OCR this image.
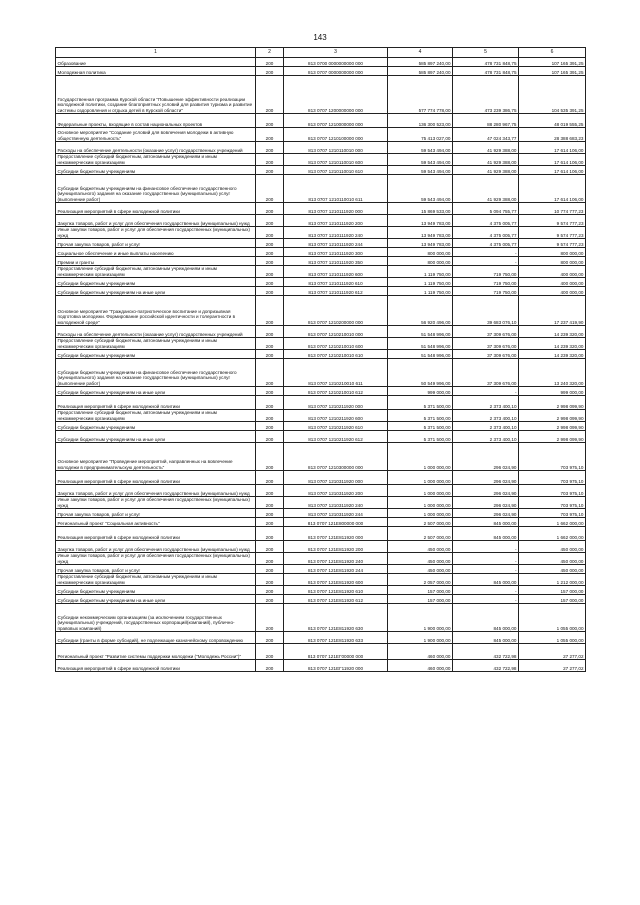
143
1	2	3	4	5	6
Образование	200	813 0700 0000000000 000	585 897 240,00	478 731 848,75	107 165 391,25
Молодежная политика	200	813 0707 0000000000 000	585 897 240,00	478 731 848,75	107 165 391,25
Государственная программа Курской области "Повышение эффективности реализации молодежной политики, создание благоприятных условий для развития туризма и развитие системы оздоровления и отдыха детей в Курской области"	200	813 0707 1200000000 000	577 774 778,00	473 239 386,75	104 535 391,25
Федеральные проекты, входящие в состав национальных проектов	200	813 0707 1210000000 000	136 300 523,00	88 280 967,75	48 019 555,25
Основное мероприятие "Создание условий для вовлечения молодежи в активную общественную деятельность"	200	813 0707 1210100000 000	75 413 027,00	47 024 343,77	28 388 683,23
Расходы на обеспечение деятельности (оказание услуг) государственных учреждений	200	813 0707 1210110010 000	59 543 494,00	41 929 388,00	17 614 106,00
Предоставление субсидий бюджетным, автономным учреждениям и иным некоммерческим организациям	200	813 0707 1210110010 600	59 543 494,00	41 929 388,00	17 614 106,00
Субсидии бюджетным учреждениям	200	813 0707 1210110010 610	59 543 494,00	41 929 388,00	17 614 106,00
Субсидии бюджетным учреждениям на финансовое обеспечение государственного (муниципального) задания на оказание государственных (муниципальных) услуг (выполнение работ)	200	813 0707 1210110010 611	59 543 494,00	41 929 388,00	17 614 106,00
Реализация мероприятий в сфере молодежной политики	200	813 0707 1210111920 000	15 869 533,00	5 094 755,77	10 774 777,23
Закупка товаров, работ и услуг для обеспечения государственных (муниципальных) нужд	200	813 0707 1210111920 200	13 949 783,00	4 375 005,77	9 574 777,23
Иные закупки товаров, работ и услуг для обеспечения государственных (муниципальных) нужд	200	813 0707 1210111920 240	13 949 783,00	4 375 005,77	9 574 777,23
Прочая закупка товаров, работ и услуг	200	813 0707 1210111920 244	13 949 783,00	4 375 005,77	9 574 777,23
Социальное обеспечение и иные выплаты населению	200	813 0707 1210111920 300	800 000,00	-	800 000,00
Премии и гранты	200	813 0707 1210111920 350	800 000,00	-	800 000,00
Предоставление субсидий бюджетным, автономным учреждениям и иным некоммерческим организациям	200	813 0707 1210111920 600	1 119 750,00	719 750,00	400 000,00
Субсидии бюджетным учреждениям	200	813 0707 1210111920 610	1 119 750,00	719 750,00	400 000,00
Субсидии бюджетным учреждениям на иные цели	200	813 0707 1210111920 612	1 119 750,00	719 750,00	400 000,00
Основное мероприятие "Гражданско-патриотическое воспитание и допризывная подготовка молодежи. Формирование российской идентичности и толерантности в молодежной среде"	200	813 0707 1210200000 000	56 920 496,00	39 683 076,10	17 237 419,90
Расходы на обеспечение деятельности (оказание услуг) государственных учреждений	200	813 0707 1210210010 000	51 548 996,00	37 309 676,00	14 239 320,00
Предоставление субсидий бюджетным, автономным учреждениям и иным некоммерческим организациям	200	813 0707 1210210010 600	51 548 996,00	37 309 676,00	14 239 320,00
Субсидии бюджетным учреждениям	200	813 0707 1210210010 610	51 548 996,00	37 309 676,00	14 239 320,00
Субсидии бюджетным учреждениям на финансовое обеспечение государственного (муниципального) задания на оказание государственных (муниципальных) услуг (выполнение работ)	200	813 0707 1210210010 611	50 549 996,00	37 309 676,00	13 240 320,00
Субсидии бюджетным учреждениям на иные цели	200	813 0707 1210210010 612	999 000,00	-	999 000,00
Реализация мероприятий в сфере молодежной политики	200	813 0707 1210211920 000	5 371 500,00	2 373 400,10	2 998 099,90
Предоставление субсидий бюджетным, автономным учреждениям и иным некоммерческим организациям	200	813 0707 1210211920 600	5 371 500,00	2 373 400,10	2 998 099,90
Субсидии бюджетным учреждениям	200	813 0707 1210211920 610	5 371 500,00	2 373 400,10	2 998 099,90
Субсидии бюджетным учреждениям на иные цели	200	813 0707 1210211920 612	5 371 500,00	2 373 400,10	2 998 099,90
Основное мероприятие "Проведение мероприятий, направленных на вовлечение молодежи в предпринимательскую деятельность"	200	813 0707 1210300000 000	1 000 000,00	296 024,90	703 975,10
Реализация мероприятий в сфере молодежной политики	200	813 0707 1210311920 000	1 000 000,00	296 024,90	703 975,10
Закупка товаров, работ и услуг для обеспечения государственных (муниципальных) нужд	200	813 0707 1210311920 200	1 000 000,00	296 024,90	703 975,10
Иные закупки товаров, работ и услуг для обеспечения государственных (муниципальных) нужд	200	813 0707 1210311920 240	1 000 000,00	296 024,90	703 975,10
Прочая закупка товаров, работ и услуг	200	813 0707 1210311920 244	1 000 000,00	296 024,90	703 975,10
Региональный проект "Социальная активность"	200	813 0707 121E800000 000	2 507 000,00	845 000,00	1 662 000,00
Реализация мероприятий в сфере молодежной политики	200	813 0707 121E811920 000	2 507 000,00	845 000,00	1 662 000,00
Закупка товаров, работ и услуг для обеспечения государственных (муниципальных) нужд	200	813 0707 121E811920 200	450 000,00	-	450 000,00
Иные закупки товаров, работ и услуг для обеспечения государственных (муниципальных) нужд	200	813 0707 121E811920 240	450 000,00	-	450 000,00
Прочая закупка товаров, работ и услуг	200	813 0707 121E811920 244	450 000,00	-	450 000,00
Предоставление субсидий бюджетным, автономным учреждениям и иным некоммерческим организациям	200	813 0707 121E811920 600	2 057 000,00	845 000,00	1 212 000,00
Субсидии бюджетным учреждениям	200	813 0707 121E811920 610	157 000,00	-	157 000,00
Субсидии бюджетным учреждениям на иные цели	200	813 0707 121E811920 612	157 000,00	-	157 000,00
Субсидии некоммерческим организациям (за исключением государственных (муниципальных) учреждений, государственных корпораций(компаний), публично-правовых компаний)	200	813 0707 121E811920 630	1 900 000,00	845 000,00	1 055 000,00
Субсидии (гранты в форме субсидий), не подлежащие казначейскому сопровождению	200	813 0707 121E811920 633	1 900 000,00	845 000,00	1 055 000,00
Региональный проект "Развитие системы поддержки молодежи ("Молодежь России")"	200	813 0707 121EГ00000 000	460 000,00	432 722,98	27 277,02
Реализация мероприятий в сфере молодежной политики	200	813 0707 121EГ11920 000	460 000,00	432 722,98	27 277,02
